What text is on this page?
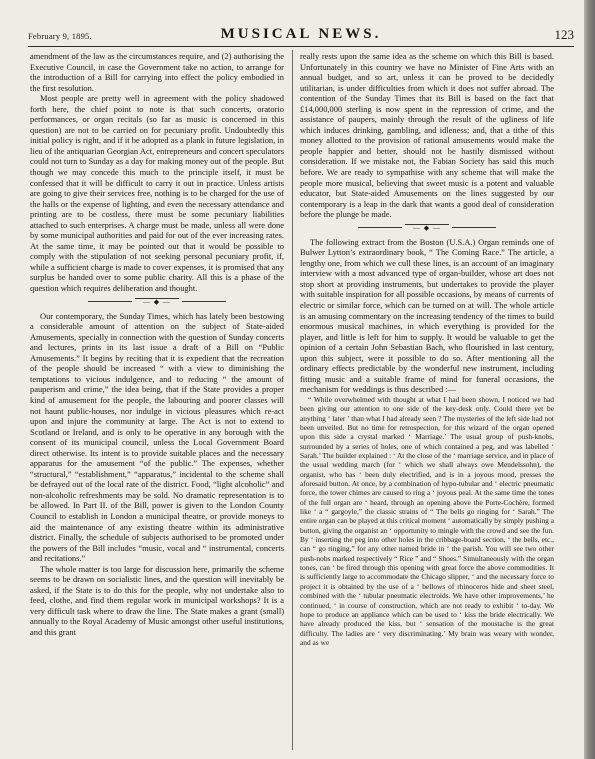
February 9, 1895.	MUSICAL NEWS.	123

amendment of the law as the circumstances require, and (2) authorising the Executive Council, in case the Government take no action, to arrange for the introduction of a Bill for carrying into effect the policy embodied in the first resolution.

Most people are pretty well in agreement with the policy shadowed forth here, the chief point to note is that such concerts, oratorio performances, or organ recitals (so far as music is concerned in this question) are not to be carried on for pecuniary profit. Undoubtedly this initial policy is right, and if it be adopted as a plank in future legislation, in lieu of the antiquarian Georgian Act, entrepreneurs and concert speculators could not turn to Sunday as a day for making money out of the people. But though we may concede this much to the principle itself, it must be confessed that it will be difficult to carry it out in practice. Unless artists are going to give their services free, nothing is to be charged for the use of the halls or the expense of lighting, and even the necessary attendance and printing are to be costless, there must be some pecuniary liabilities attached to such enterprises. A charge must be made, unless all were done by some municipal authorities and paid for out of the ever increasing rates. At the same time, it may be pointed out that it would be possible to comply with the stipulation of not seeking personal pecuniary profit, if, while a sufficient charge is made to cover expenses, it is promised that any surplus be handed over to some public charity. All this is a phase of the question which requires deliberation and thought.

— ◆ —

Our contemporary, the Sunday Times, which has lately been bestowing a considerable amount of attention on the subject of State-aided Amusements, specially in connection with the question of Sunday concerts and lectures, prints in its last issue a draft of a Bill on “Public Amusements.” It begins by reciting that it is expedient that the recreation of the people should be increased “ with a view to diminishing the temptations to vicious indulgence, and to reducing “ the amount of pauperism and crime,” the idea being, that if the State provides a proper kind of amusement for the people, the labouring and poorer classes will not haunt public-houses, nor indulge in vicious pleasures which re-act upon and injure the community at large. The Act is not to extend to Scotland or Ireland, and is only to be operative in any borough with the consent of its municipal council, unless the Local Government Board direct otherwise. Its intent is to provide suitable places and the necessary apparatus for the amusement “of the public.” The expenses, whether “structural,” “establishment,” “apparatus,” incidental to the scheme shall be defrayed out of the local rate of the district. Food, “light alcoholic” and non-alcoholic refreshments may be sold. No dramatic representation is to be allowed. In Part II. of the Bill, power is given to the London County Council to establish in London a municipal theatre, or provide moneys to aid the maintenance of any existing theatre within its administrative district. Finally, the schedule of subjects authorised to be promoted under the powers of the Bill includes “music, vocal and “ instrumental, concerts and recitations.”

The whole matter is too large for discussion here, primarily the scheme seems to be drawn on socialistic lines, and the question will inevitably be asked, if the State is to do this for the people, why not undertake also to feed, clothe, and find them regular work in municipal workshops? It is a very difficult task where to draw the line. The State makes a grant (small) annually to the Royal Academy of Music amongst other useful institutions, and this grant

really rests upon the same idea as the scheme on which this Bill is based. Unfortunately in this country we have no Minister of Fine Arts with an annual budget, and so art, unless it can be proved to be decidedly utilitarian, is under difficulties from which it does not suffer abroad. The contention of the Sunday Times that its Bill is based on the fact that £14,000,000 sterling is now spent in the repression of crime, and the assistance of paupers, mainly through the result of the ugliness of life which induces drinking, gambling, and idleness; and, that a tithe of this money allotted to the provision of rational amusements would make the people happier and better, should not be hastily dismissed without consideration. If we mistake not, the Fabian Society has said this much before. We are ready to sympathise with any scheme that will make the people more musical, believing that sweet music is a potent and valuable educator, but State-aided Amusements on the lines suggested by our contemporary is a leap in the dark that wants a good deal of consideration before the plunge be made.

— ◆ —

The following extract from the Boston (U.S.A.) Organ reminds one of Bulwer Lytton’s extraordinary book, “ The Coming Race.” The article, a lengthy one, from which we cull these lines, is an account of an imaginary interview with a most advanced type of organ-builder, whose art does not stop short at providing instruments, but undertakes to provide the player with suitable inspiration for all possible occasions, by means of currents of electric or similar force, which can be turned on at will. The whole article is an amusing commentary on the increasing tendency of the times to build enormous musical machines, in which everything is provided for the player, and little is left for him to supply. It would be valuable to get the opinion of a certain John Sebastian Bach, who flourished in last century, upon this subject, were it possible to do so. After mentioning all the ordinary effects predictable by the wonderful new instrument, including fitting music and a suitable frame of mind for funeral occasions, the mechanism for weddings is thus described :—

“ While overwhelmed with thought at what I had been shown, I noticed we had been giving our attention to one side of the key-desk only. Could there yet be anything ‘ later ’ than what I had already seen ? The mysteries of the left side had not been unveiled. But no time for retrospection, for this wizard of the organ opened upon this side a crystal marked ‘ Marriage.’ The usual group of push-knobs, surrounded by a series of holes, one of which contained a peg, and was labelled ‘ Sarah.’ The builder explained : ‘ At the close of the ‘ marriage service, and in place of the usual wedding march (for ‘ which we shall always owe Mendelssohn), the organist, who has ‘ been duly electrified, and is in a joyous mood, presses the aforesaid button. At once, by a combination of hypo-tubular and ‘ electric pneumatic force, the tower chimes are caused to ring a ‘ joyous peal. At the same time the tones of the full organ are ‘ heard, through an opening above the Porte-Cochère, formed like ‘ a “ gargoyle,” the classic strains of “ The bells go ringing for ‘ Sarah.” The entire organ can be played at this critical moment ‘ automatically by simply pushing a button, giving the organist an ‘ opportunity to mingle with the crowd and see the fun. By ‘ inserting the peg into other holes in the cribbage-board section, ‘ the bells, etc., can “ go ringing,” for any other named bride in ‘ the parish. You will see two other push-nobs marked respectively “ Rice ” and “ Shoes.” Simultaneously with the organ tones, can ‘ be fired through this opening with great force the above commodities. It is sufficiently large to accommodate the Chicago slipper, ‘ and the necessary force to project it is obtained by the use of a ‘ bellows of rhinoceros hide and sheet steel, combined with the ‘ tubular pneumatic electroids. We have other improvements,’ he continued, ‘ in course of construction, which are not ready to exhibit ‘ to-day. We hope to produce an appliance which can be used to ‘ kiss the bride electrically. We have already produced the kiss, but ‘ sensation of the moustache is the great difficulty. The ladies are ‘ very discriminating.’ My brain was weary with wonder, and as we
